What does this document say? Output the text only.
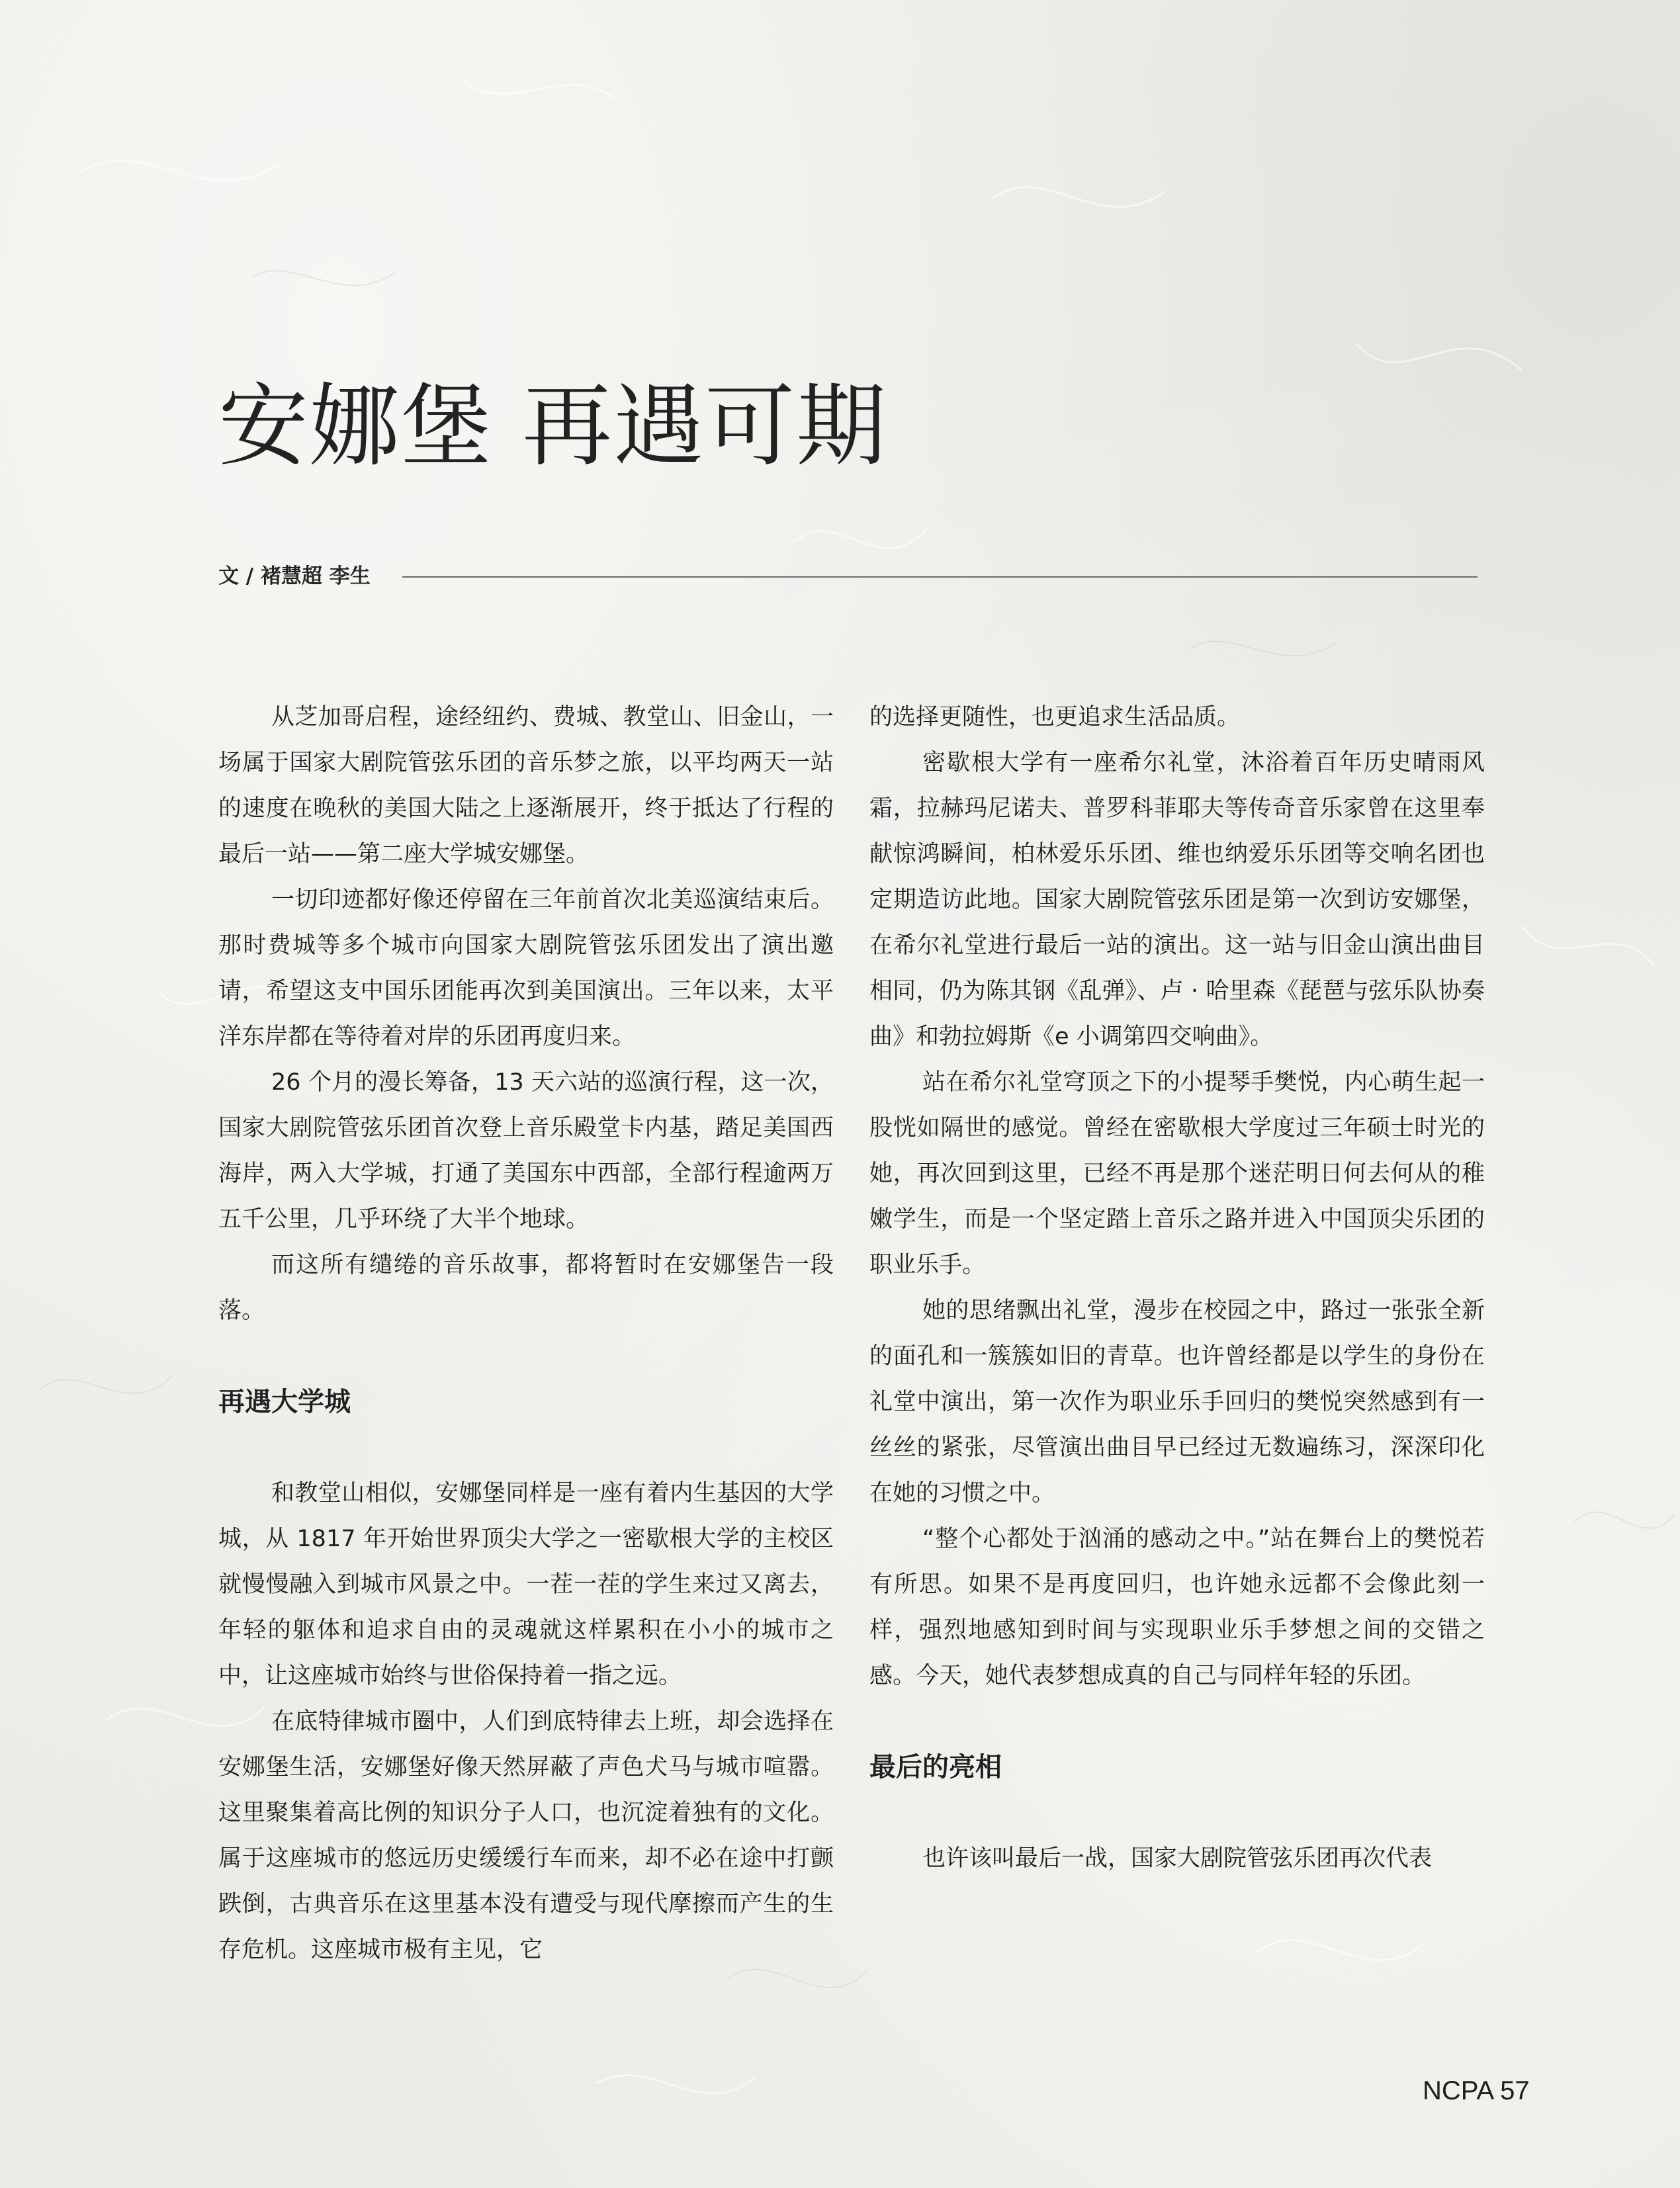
安娜堡 再遇可期
文 / 褚慧超 李生

从芝加哥启程，途经纽约、费城、教堂山、旧金山，一场属于国家大剧院管弦乐团的音乐梦之旅，以平均两天一站的速度在晚秋的美国大陆之上逐渐展开，终于抵达了行程的最后一站——第二座大学城安娜堡。

一切印迹都好像还停留在三年前首次北美巡演结束后。那时费城等多个城市向国家大剧院管弦乐团发出了演出邀请，希望这支中国乐团能再次到美国演出。三年以来，太平洋东岸都在等待着对岸的乐团再度归来。

26 个月的漫长筹备，13 天六站的巡演行程，这一次，国家大剧院管弦乐团首次登上音乐殿堂卡内基，踏足美国西海岸，两入大学城，打通了美国东中西部，全部行程逾两万五千公里，几乎环绕了大半个地球。

而这所有缱绻的音乐故事，都将暂时在安娜堡告一段落。

再遇大学城

和教堂山相似，安娜堡同样是一座有着内生基因的大学城，从 1817 年开始世界顶尖大学之一密歇根大学的主校区就慢慢融入到城市风景之中。一茬一茬的学生来过又离去，年轻的躯体和追求自由的灵魂就这样累积在小小的城市之中，让这座城市始终与世俗保持着一指之远。

在底特律城市圈中，人们到底特律去上班，却会选择在安娜堡生活，安娜堡好像天然屏蔽了声色犬马与城市喧嚣。这里聚集着高比例的知识分子人口，也沉淀着独有的文化。属于这座城市的悠远历史缓缓行车而来，却不必在途中打颤跌倒，古典音乐在这里基本没有遭受与现代摩擦而产生的生存危机。这座城市极有主见，它

的选择更随性，也更追求生活品质。

密歇根大学有一座希尔礼堂，沐浴着百年历史晴雨风霜，拉赫玛尼诺夫、普罗科菲耶夫等传奇音乐家曾在这里奉献惊鸿瞬间，柏林爱乐乐团、维也纳爱乐乐团等交响名团也定期造访此地。国家大剧院管弦乐团是第一次到访安娜堡，在希尔礼堂进行最后一站的演出。这一站与旧金山演出曲目相同，仍为陈其钢《乱弹》、卢 · 哈里森《琵琶与弦乐队协奏曲》和勃拉姆斯《e 小调第四交响曲》。

站在希尔礼堂穹顶之下的小提琴手樊悦，内心萌生起一股恍如隔世的感觉。曾经在密歇根大学度过三年硕士时光的她，再次回到这里，已经不再是那个迷茫明日何去何从的稚嫩学生，而是一个坚定踏上音乐之路并进入中国顶尖乐团的职业乐手。

她的思绪飘出礼堂，漫步在校园之中，路过一张张全新的面孔和一簇簇如旧的青草。也许曾经都是以学生的身份在礼堂中演出，第一次作为职业乐手回归的樊悦突然感到有一丝丝的紧张，尽管演出曲目早已经过无数遍练习，深深印化在她的习惯之中。

“整个心都处于汹涌的感动之中。”站在舞台上的樊悦若有所思。如果不是再度回归，也许她永远都不会像此刻一样，强烈地感知到时间与实现职业乐手梦想之间的交错之感。今天，她代表梦想成真的自己与同样年轻的乐团。

最后的亮相

也许该叫最后一战，国家大剧院管弦乐团再次代表

NCPA 57
